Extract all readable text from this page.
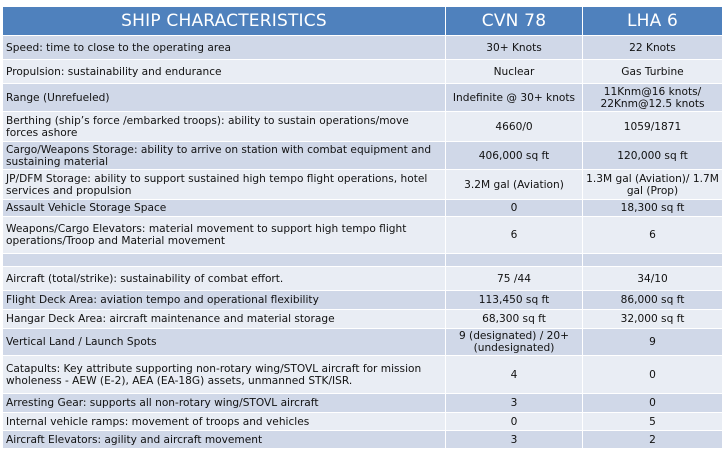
SHIP CHARACTERISTICS	CVN 78	LHA 6
Speed: time to close to the operating area	30+ Knots	22 Knots
Propulsion: sustainability and endurance	Nuclear	Gas Turbine
Range (Unrefueled)	Indefinite @ 30+ knots	11Knm@16 knots/ 22Knm@12.5 knots
Berthing (ship’s force /embarked troops): ability to sustain operations/move forces ashore	4660/0	1059/1871
Cargo/Weapons Storage: ability to arrive on station with combat equipment and sustaining material	406,000 sq ft	120,000 sq ft
JP/DFM Storage: ability to support sustained high tempo flight operations, hotel services and propulsion	3.2M gal (Aviation)	1.3M gal (Aviation)/ 1.7M gal (Prop)
Assault Vehicle Storage Space	0	18,300 sq ft
Weapons/Cargo Elevators: material movement to support high tempo flight operations/Troop and Material movement	6	6

Aircraft (total/strike): sustainability of combat effort.	75 /44	34/10
Flight Deck Area: aviation tempo and operational flexibility	113,450 sq ft	86,000 sq ft
Hangar Deck Area: aircraft maintenance and material storage	68,300 sq ft	32,000 sq ft
Vertical Land / Launch Spots	9 (designated) / 20+ (undesignated)	9
Catapults: Key attribute supporting non-rotary wing/STOVL aircraft for mission wholeness - AEW (E-2), AEA (EA-18G) assets, unmanned STK/ISR.	4	0
Arresting Gear: supports all non-rotary wing/STOVL aircraft	3	0
Internal vehicle ramps: movement of troops and vehicles	0	5
Aircraft Elevators: agility and aircraft movement	3	2
